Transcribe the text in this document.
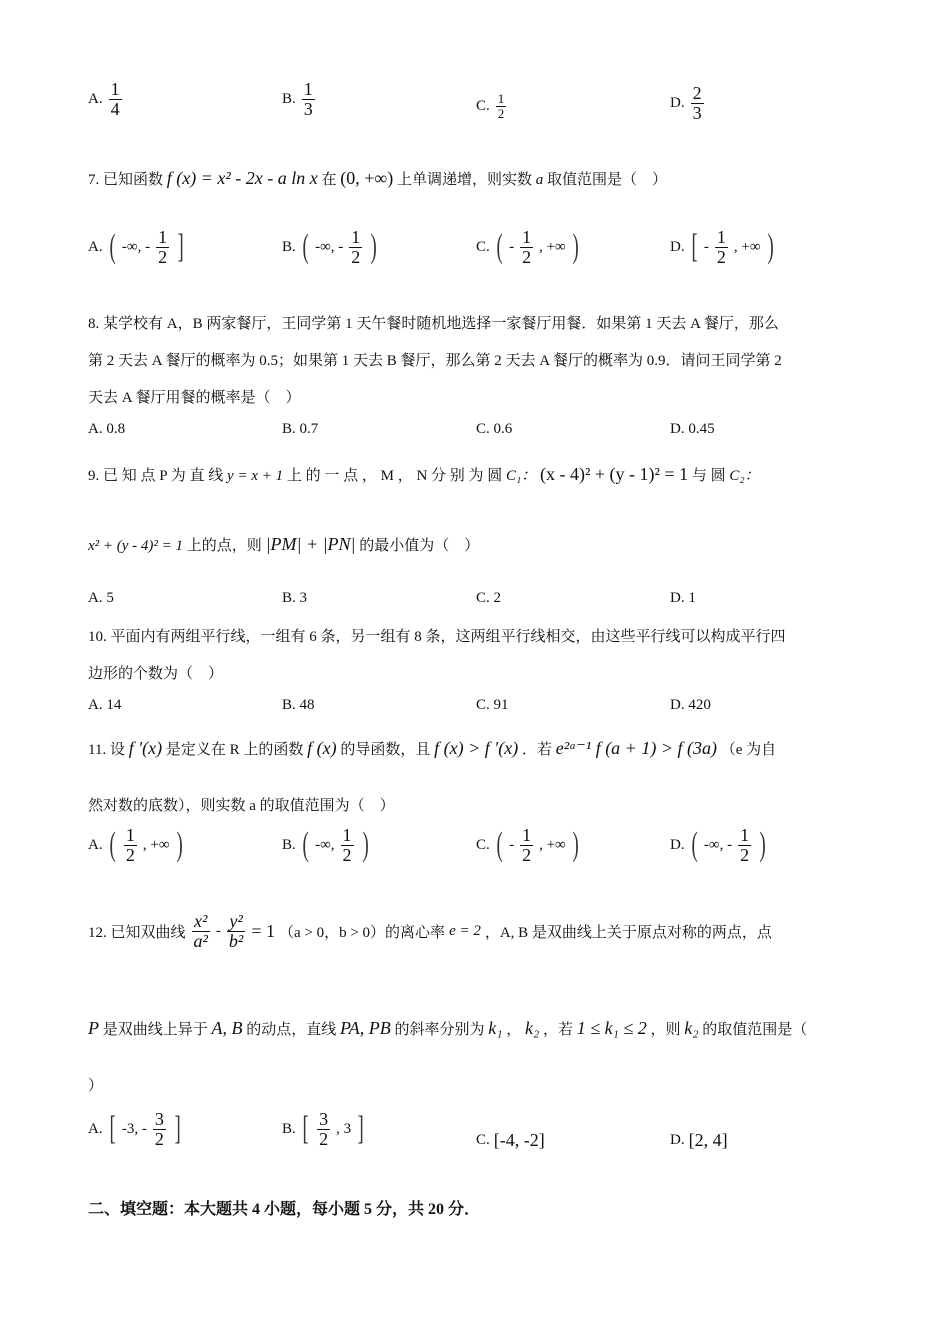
A. $\frac{1}{4}$	B. $\frac{1}{3}$	C. $\frac{1}{2}$	D. $\frac{2}{3}$
7. 已知函数 f (x) = x² - 2x - a ln x 在 (0, +∞) 上单调递增，则实数 a 取值范围是（　）
A. ( -∞, - $\frac{1}{2}$ ]	B. ( -∞, - $\frac{1}{2}$ )	C. ( - $\frac{1}{2}$ , +∞ )	D. [ - $\frac{1}{2}$ , +∞ )
8. 某学校有 A，B 两家餐厅，王同学第 1 天午餐时随机地选择一家餐厅用餐．如果第 1 天去 A 餐厅，那么
第 2 天去 A 餐厅的概率为 0.5；如果第 1 天去 B 餐厅，那么第 2 天去 A 餐厅的概率为 0.9．请问王同学第 2
天去 A 餐厅用餐的概率是（　）
A. 0.8	B. 0.7	C. 0.6	D. 0.45
9. 已 知 点 P 为 直 线 y = x + 1 上 的 一 点 ， M ， N 分 别 为 圆 C₁： (x - 4)² + (y - 1)² = 1 与 圆 C₂：
x² + (y - 4)² = 1 上的点，则 |PM| + |PN| 的最小值为（　）
A. 5	B. 3	C. 2	D. 1
10. 平面内有两组平行线，一组有 6 条，另一组有 8 条，这两组平行线相交，由这些平行线可以构成平行四
边形的个数为（　）
A. 14	B. 48	C. 91	D. 420
11. 设 f ′(x) 是定义在 R 上的函数 f (x) 的导函数，且 f (x) > f ′(x) ．若 e²ᵃ⁻¹ f (a + 1) > f (3a) （e 为自
然对数的底数），则实数 a 的取值范围为（　）
A. ( $\frac{1}{2}$ , +∞ )	B. ( -∞, $\frac{1}{2}$ )	C. ( - $\frac{1}{2}$ , +∞ )	D. ( -∞, - $\frac{1}{2}$ )
12. 已知双曲线 $\frac{\text{x²}}{\text{a²}} - \frac{\text{y²}}{\text{b²}} = 1$ （a > 0，b > 0）的离心率 e = 2 ，A, B 是双曲线上关于原点对称的两点，点
P 是双曲线上异于 A, B 的动点，直线 PA, PB 的斜率分别为 k₁ ， k₂ ，若 1 ≤ k₁ ≤ 2 ，则 k₂ 的取值范围是（
）
A. [ -3, - $\frac{3}{2}$ ]	B. [ $\frac{3}{2}$ , 3 ]	C. [-4, -2]	D. [2, 4]
二、填空题：本大题共 4 小题，每小题 5 分，共 20 分．
